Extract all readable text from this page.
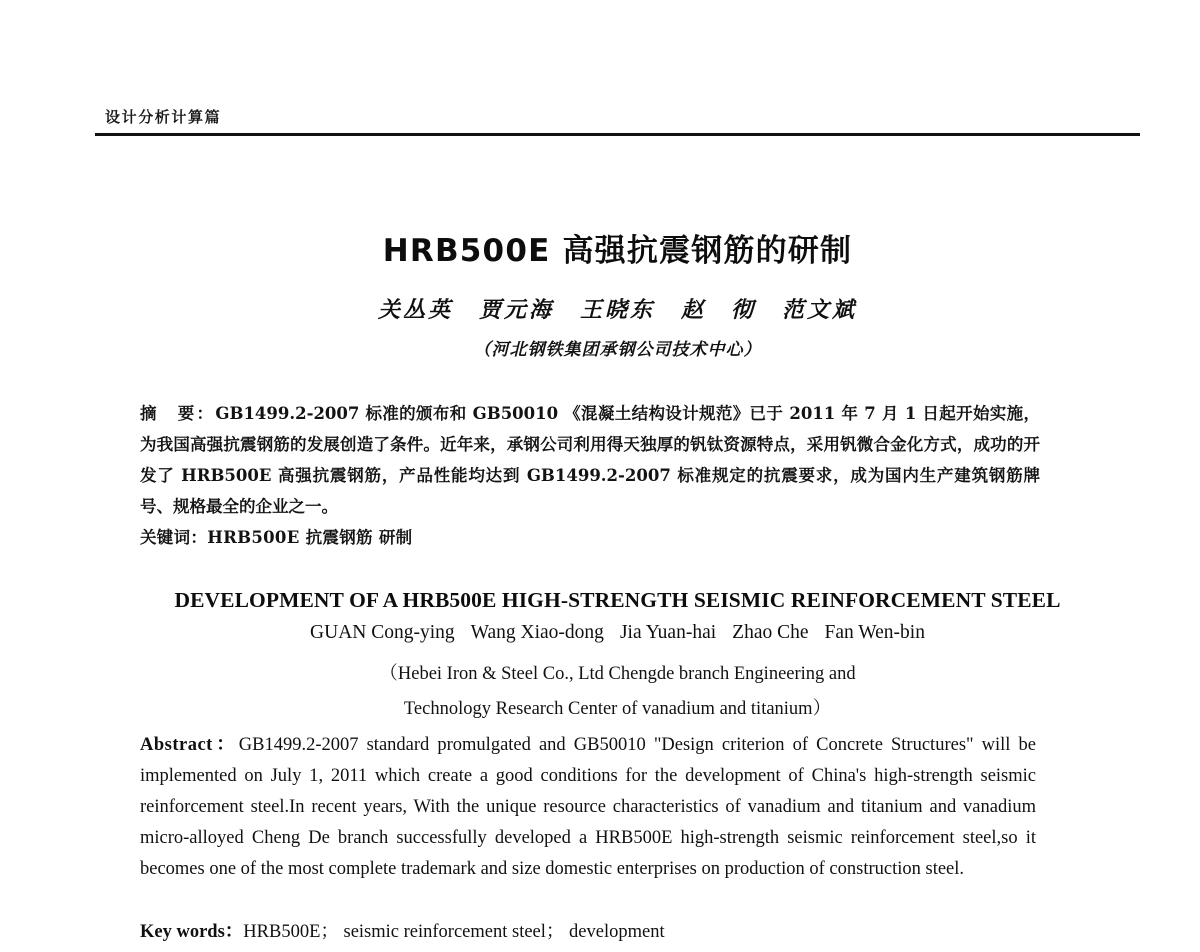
设计分析计算篇
HRB500E 高强抗震钢筋的研制
关丛英 贾元海 王晓东 赵　彻 范文斌
（河北钢铁集团承钢公司技术中心）

摘　要：GB1499.2-2007 标准的颁布和 GB50010 《混凝土结构设计规范》已于 2011 年 7 月 1 日起开始实施，为我国高强抗震钢筋的发展创造了条件。近年来，承钢公司利用得天独厚的钒钛资源特点，采用钒微合金化方式，成功的开发了 HRB500E 高强抗震钢筋，产品性能均达到 GB1499.2-2007 标准规定的抗震要求，成为国内生产建筑钢筋牌号、规格最全的企业之一。

关键词：HRB500E 抗震钢筋 研制

DEVELOPMENT OF A HRB500E HIGH-STRENGTH SEISMIC REINFORCEMENT STEEL
GUAN Cong-ying Wang Xiao-dong Jia Yuan-hai Zhao Che Fan Wen-bin
（Hebei Iron & Steel Co., Ltd Chengde branch Engineering and
Technology Research Center of vanadium and titanium）

Abstract：GB1499.2-2007 standard promulgated and GB50010 "Design criterion of Concrete Structures" will be implemented on July 1, 2011 which create a good conditions for the development of China's high-strength seismic reinforcement steel.In recent years, With the unique resource characteristics of vanadium and titanium and vanadium micro-alloyed Cheng De branch successfully developed a HRB500E high-strength seismic reinforcement steel,so it becomes one of the most complete trademark and size domestic enterprises on production of construction steel.

Key words：HRB500E； seismic reinforcement steel； development
